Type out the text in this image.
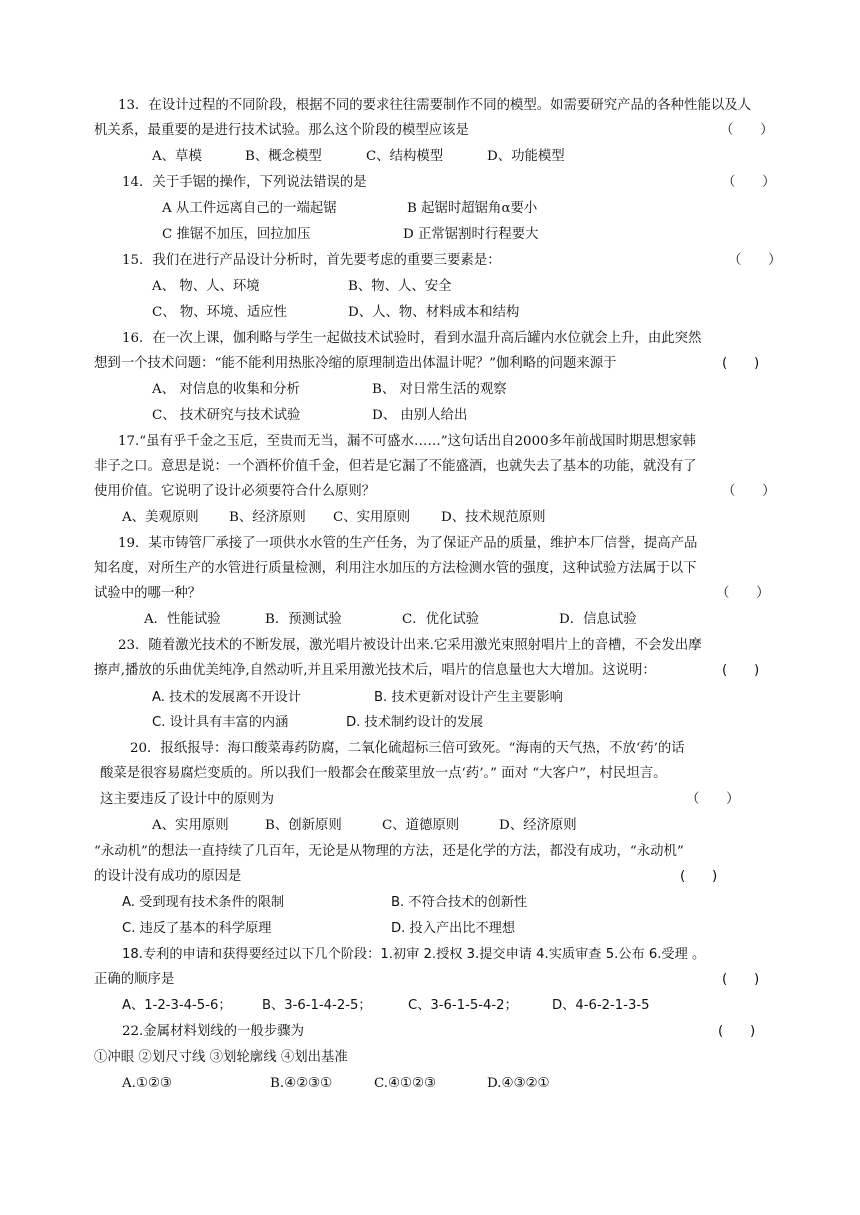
13．在设计过程的不同阶段，根据不同的要求往往需要制作不同的模型。如需要研究产品的各种性能以及人
机关系，最重要的是进行技术试验。那么这个阶段的模型应该是	（　　）
A、草模	B、概念模型	C、结构模型	D、功能模型
14．关于手锯的操作，下列说法错误的是	（　　）
A 从工件远离自己的一端起锯	B 起锯时超锯角α要小
C 推锯不加压，回拉加压	D 正常锯割时行程要大
15．我们在进行产品设计分析时，首先要考虑的重要三要素是：	（　　）
A、 物、人、环境	B、物、人、安全
C、 物、环境、适应性	D、人、物、材料成本和结构
16．在一次上课，伽利略与学生一起做技术试验时，看到水温升高后罐内水位就会上升，由此突然
想到一个技术问题：“能不能利用热胀冷缩的原理制造出体温计呢？”伽利略的问题来源于	(　　)
A、 对信息的收集和分析	B、 对日常生活的观察
C、 技术研究与技术试验	D、 由别人给出
17.“虽有乎千金之玉卮，至贵而无当，漏不可盛水……”这句话出自2000多年前战国时期思想家韩
非子之口。意思是说：一个酒杯价值千金，但若是它漏了不能盛酒，也就失去了基本的功能，就没有了
使用价值。它说明了设计必须要符合什么原则？	（　　）
A、美观原则 B、经济原则 C、实用原则 D、技术规范原则
19．某市铸管厂承接了一项供水水管的生产任务，为了保证产品的质量，维护本厂信誉，提高产品
知名度，对所生产的水管进行质量检测，利用注水加压的方法检测水管的强度，这种试验方法属于以下
试验中的哪一种？	（　　）
A．性能试验	B．预测试验	C．优化试验	D．信息试验
23．随着激光技术的不断发展，激光唱片被设计出来.它采用激光束照射唱片上的音槽，不会发出摩
擦声,播放的乐曲优美纯净,自然动听,并且采用激光技术后，唱片的信息量也大大增加。这说明：	(　　)
A. 技术的发展离不开设计	B. 技术更新对设计产生主要影响
C. 设计具有丰富的内涵	D. 技术制约设计的发展
20．报纸报导：海口酸菜毒药防腐，二氧化硫超标三倍可致死。“海南的天气热，不放‘药’的话
酸菜是很容易腐烂变质的。所以我们一般都会在酸菜里放一点‘药’。” 面对 “大客户”，村民坦言。
这主要违反了设计中的原则为	（　　）
A、实用原则	B、创新原则	C、道德原则	D、经济原则
“永动机”的想法一直持续了几百年，无论是从物理的方法，还是化学的方法，都没有成功，“永动机”
的设计没有成功的原因是	(　　)
A. 受到现有技术条件的限制	B. 不符合技术的创新性
C. 违反了基本的科学原理	D. 投入产出比不理想
18.专利的申请和获得要经过以下几个阶段：1.初审 2.授权 3.提交申请 4.实质审查 5.公布 6.受理 。
正确的顺序是	(　　)
A、1-2-3-4-5-6； B、3-6-1-4-2-5；	C、3-6-1-5-4-2；	D、4-6-2-1-3-5
22.金属材料划线的一般步骤为	(　　)
①冲眼 ②划尺寸线 ③划轮廓线 ④划出基准
A.①②③	B.④②③①	C.④①②③	D.④③②①
